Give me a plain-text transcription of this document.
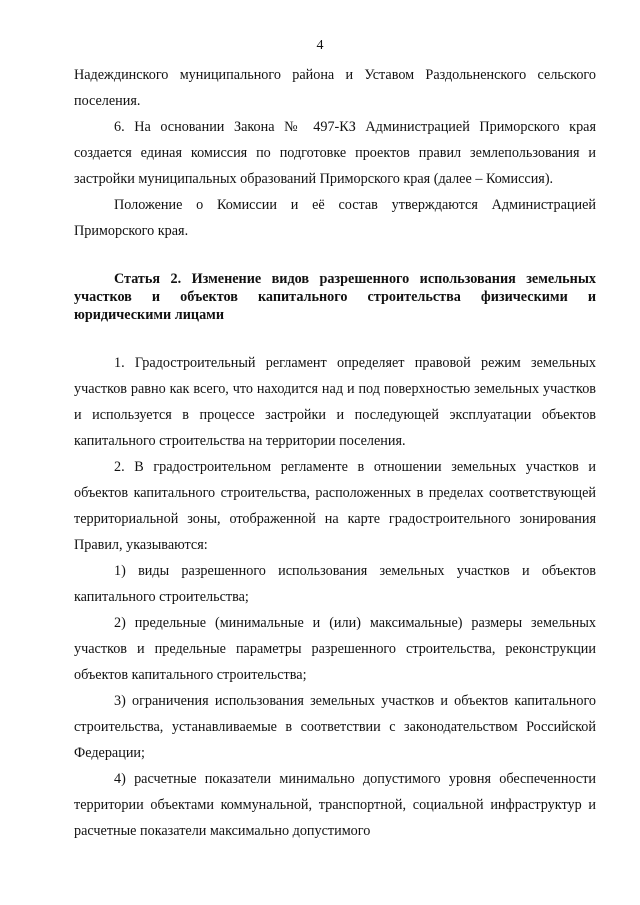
4

Надеждинского муниципального района и Уставом Раздольненского сельского поселения.

6. На основании Закона № 497-КЗ Администрацией Приморского края создается единая комиссия по подготовке проектов правил землепользования и застройки муниципальных образований Приморского края (далее – Комиссия).

Положение о Комиссии и её состав утверждаются Администрацией Приморского края.

Статья 2. Изменение видов разрешенного использования земельных участков и объектов капитального строительства физическими и юридическими лицами

1. Градостроительный регламент определяет правовой режим земельных участков равно как всего, что находится над и под поверхностью земельных участков и используется в процессе застройки и последующей эксплуатации объектов капитального строительства на территории поселения.

2. В градостроительном регламенте в отношении земельных участков и объектов капитального строительства, расположенных в пределах соответствующей территориальной зоны, отображенной на карте градостроительного зонирования Правил, указываются:

1) виды разрешенного использования земельных участков и объектов капитального строительства;

2) предельные (минимальные и (или) максимальные) размеры земельных участков и предельные параметры разрешенного строительства, реконструкции объектов капитального строительства;

3) ограничения использования земельных участков и объектов капитального строительства, устанавливаемые в соответствии с законодательством Российской Федерации;

4) расчетные показатели минимально допустимого уровня обеспеченности территории объектами коммунальной, транспортной, социальной инфраструктур и расчетные показатели максимально допустимого
